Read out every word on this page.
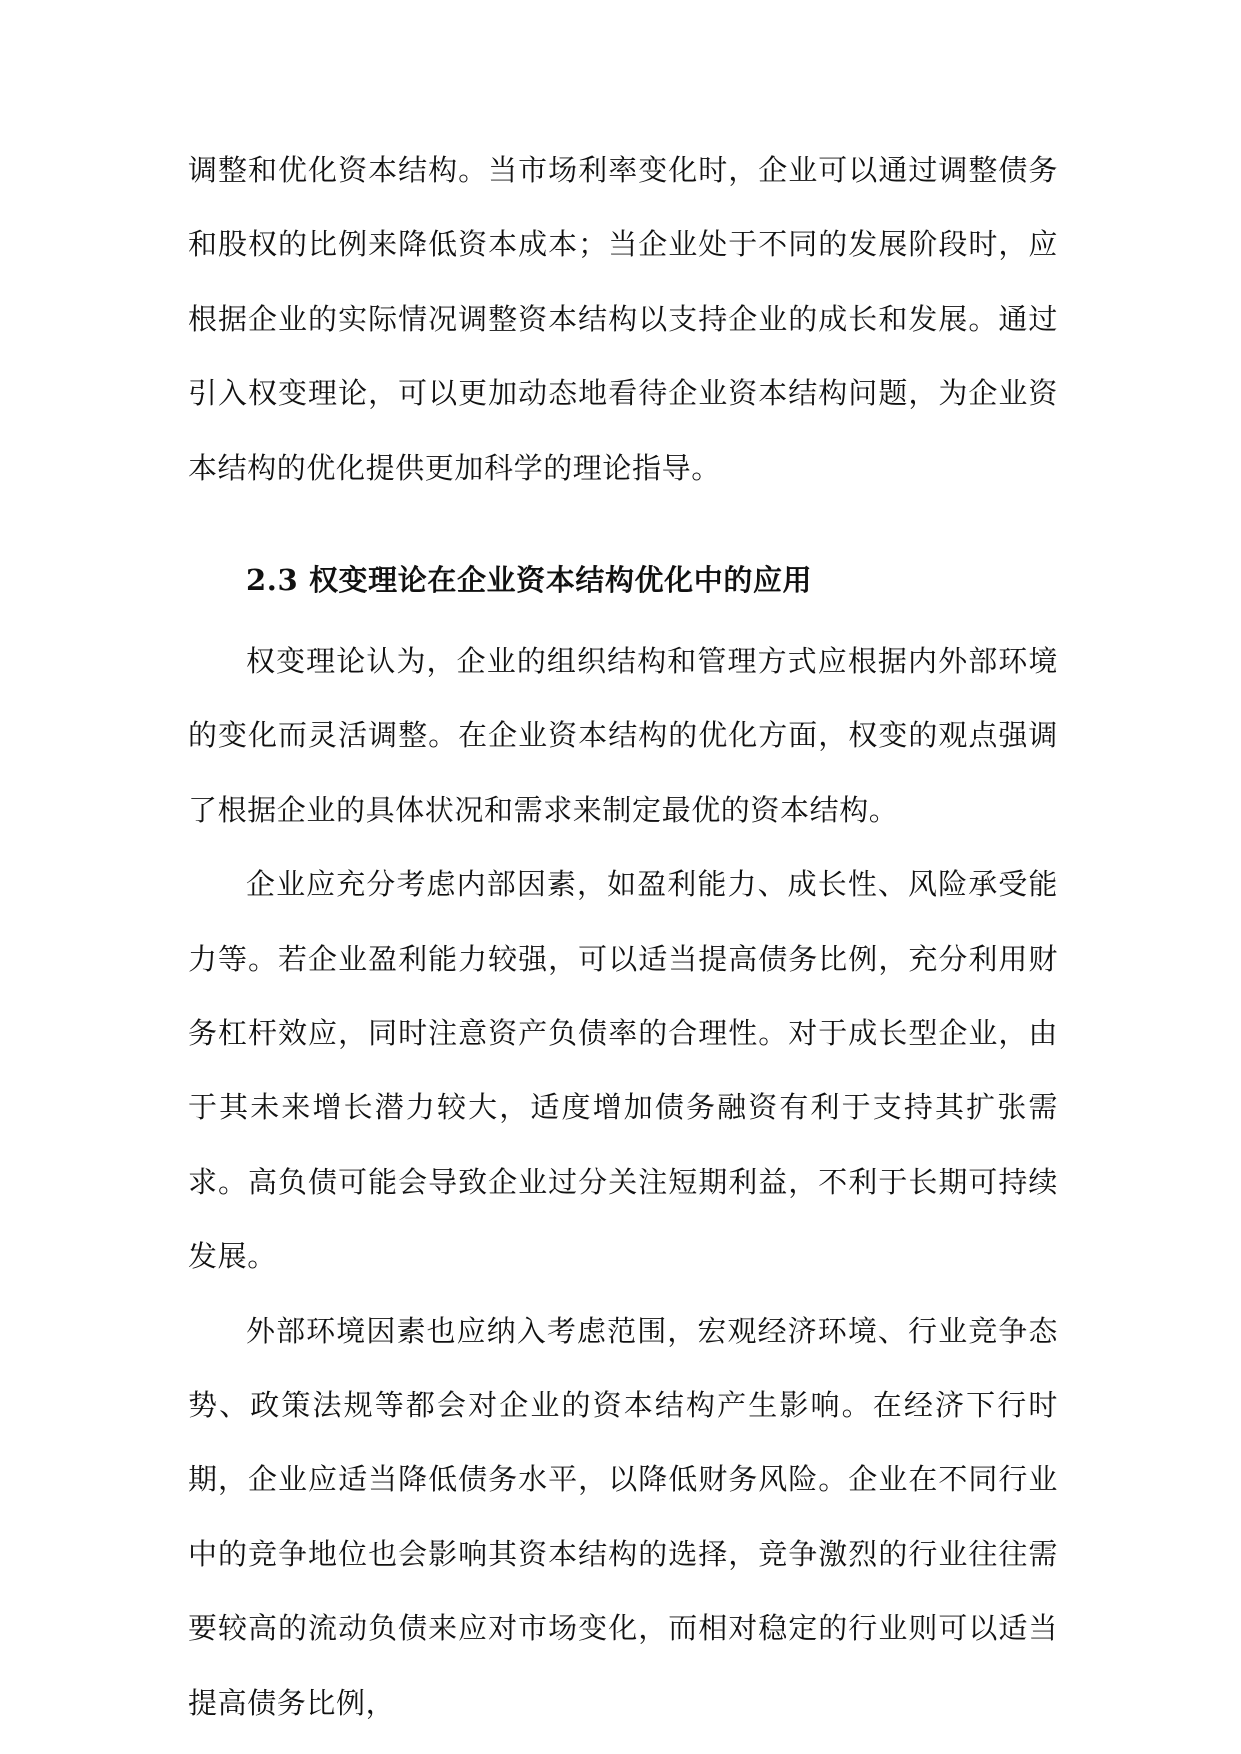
调整和优化资本结构。当市场利率变化时，企业可以通过调整债务和股权的比例来降低资本成本；当企业处于不同的发展阶段时，应根据企业的实际情况调整资本结构以支持企业的成长和发展。通过引入权变理论，可以更加动态地看待企业资本结构问题，为企业资本结构的优化提供更加科学的理论指导。

2.3 权变理论在企业资本结构优化中的应用

权变理论认为，企业的组织结构和管理方式应根据内外部环境的变化而灵活调整。在企业资本结构的优化方面，权变的观点强调了根据企业的具体状况和需求来制定最优的资本结构。

企业应充分考虑内部因素，如盈利能力、成长性、风险承受能力等。若企业盈利能力较强，可以适当提高债务比例，充分利用财务杠杆效应，同时注意资产负债率的合理性。对于成长型企业，由于其未来增长潜力较大，适度增加债务融资有利于支持其扩张需求。高负债可能会导致企业过分关注短期利益，不利于长期可持续发展。

外部环境因素也应纳入考虑范围，宏观经济环境、行业竞争态势、政策法规等都会对企业的资本结构产生影响。在经济下行时期，企业应适当降低债务水平，以降低财务风险。企业在不同行业中的竞争地位也会影响其资本结构的选择，竞争激烈的行业往往需要较高的流动负债来应对市场变化，而相对稳定的行业则可以适当提高债务比例，
